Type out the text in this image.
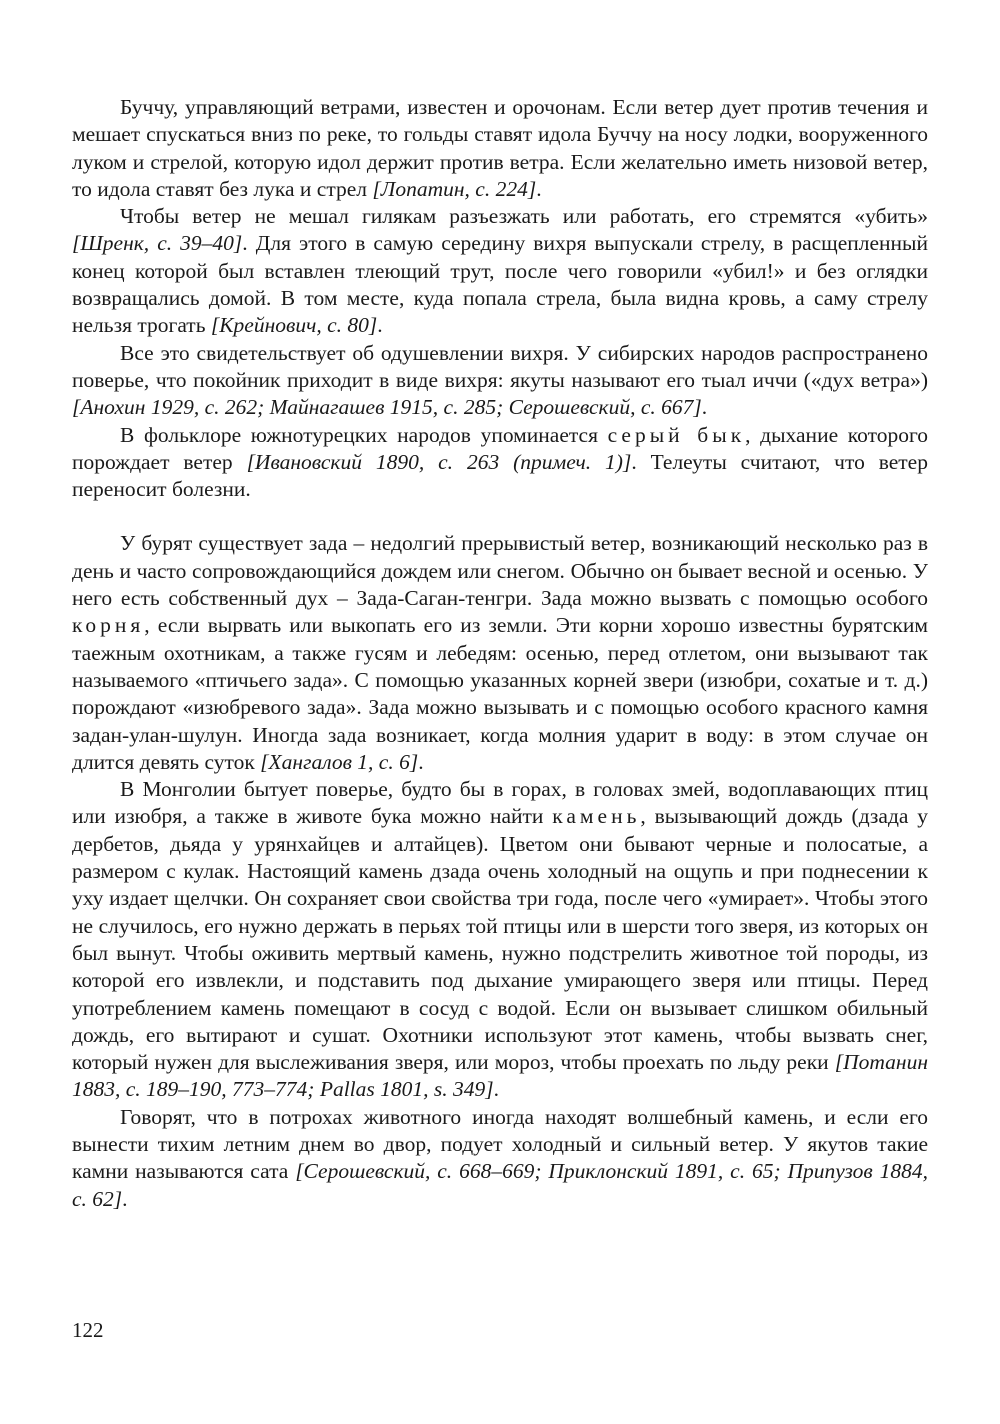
Буччу, управляющий ветрами, известен и орочонам. Если ветер дует против течения и мешает спускаться вниз по реке, то гольды ставят идола Буччу на носу лодки, вооруженного луком и стрелой, которую идол держит против ветра. Если желательно иметь низовой ветер, то идола ставят без лука и стрел [Лопатин, с. 224].

Чтобы ветер не мешал гилякам разъезжать или работать, его стремятся «убить» [Шренк, с. 39–40]. Для этого в самую середину вихря выпускали стрелу, в расщепленный конец которой был вставлен тлеющий трут, после чего говорили «убил!» и без оглядки возвращались домой. В том месте, куда попала стрела, была видна кровь, а саму стрелу нельзя трогать [Крейнович, с. 80].

Все это свидетельствует об одушевлении вихря. У сибирских народов распространено поверье, что покойник приходит в виде вихря: якуты называют его тыал иччи («дух ветра») [Анохин 1929, с. 262; Майнагашев 1915, с. 285; Серошевский, с. 667].

В фольклоре южнотурецких народов упоминается серый бык, дыхание которого порождает ветер [Ивановский 1890, с. 263 (примеч. 1)]. Телеуты считают, что ветер переносит болезни.

У бурят существует зада – недолгий прерывистый ветер, возникающий несколько раз в день и часто сопровождающийся дождем или снегом. Обычно он бывает весной и осенью. У него есть собственный дух – Зада-Саган-тенгри. Зада можно вызвать с помощью особого корня, если вырвать или выкопать его из земли. Эти корни хорошо известны бурятским таежным охотникам, а также гусям и лебедям: осенью, перед отлетом, они вызывают так называемого «птичьего зада». С помощью указанных корней звери (изюбри, сохатые и т. д.) порождают «изюбревого зада». Зада можно вызывать и с помощью особого красного камня задан-улан-шулун. Иногда зада возникает, когда молния ударит в воду: в этом случае он длится девять суток [Хангалов 1, с. 6].

В Монголии бытует поверье, будто бы в горах, в головах змей, водоплавающих птиц или изюбря, а также в животе бука можно найти камень, вызывающий дождь (дзада у дербетов, дьяда у урянхайцев и алтайцев). Цветом они бывают черные и полосатые, а размером с кулак. Настоящий камень дзада очень холодный на ощупь и при поднесении к уху издает щелчки. Он сохраняет свои свойства три года, после чего «умирает». Чтобы этого не случилось, его нужно держать в перьях той птицы или в шерсти того зверя, из которых он был вынут. Чтобы оживить мертвый камень, нужно подстрелить животное той породы, из которой его извлекли, и подставить под дыхание умирающего зверя или птицы. Перед употреблением камень помещают в сосуд с водой. Если он вызывает слишком обильный дождь, его вытирают и сушат. Охотники используют этот камень, чтобы вызвать снег, который нужен для выслеживания зверя, или мороз, чтобы проехать по льду реки [Потанин 1883, с. 189–190, 773–774; Pallas 1801, s. 349].

Говорят, что в потрохах животного иногда находят волшебный камень, и если его вынести тихим летним днем во двор, подует холодный и сильный ветер. У якутов такие камни называются сата [Серошевский, с. 668–669; Приклонский 1891, с. 65; Припузов 1884, с. 62].

122
